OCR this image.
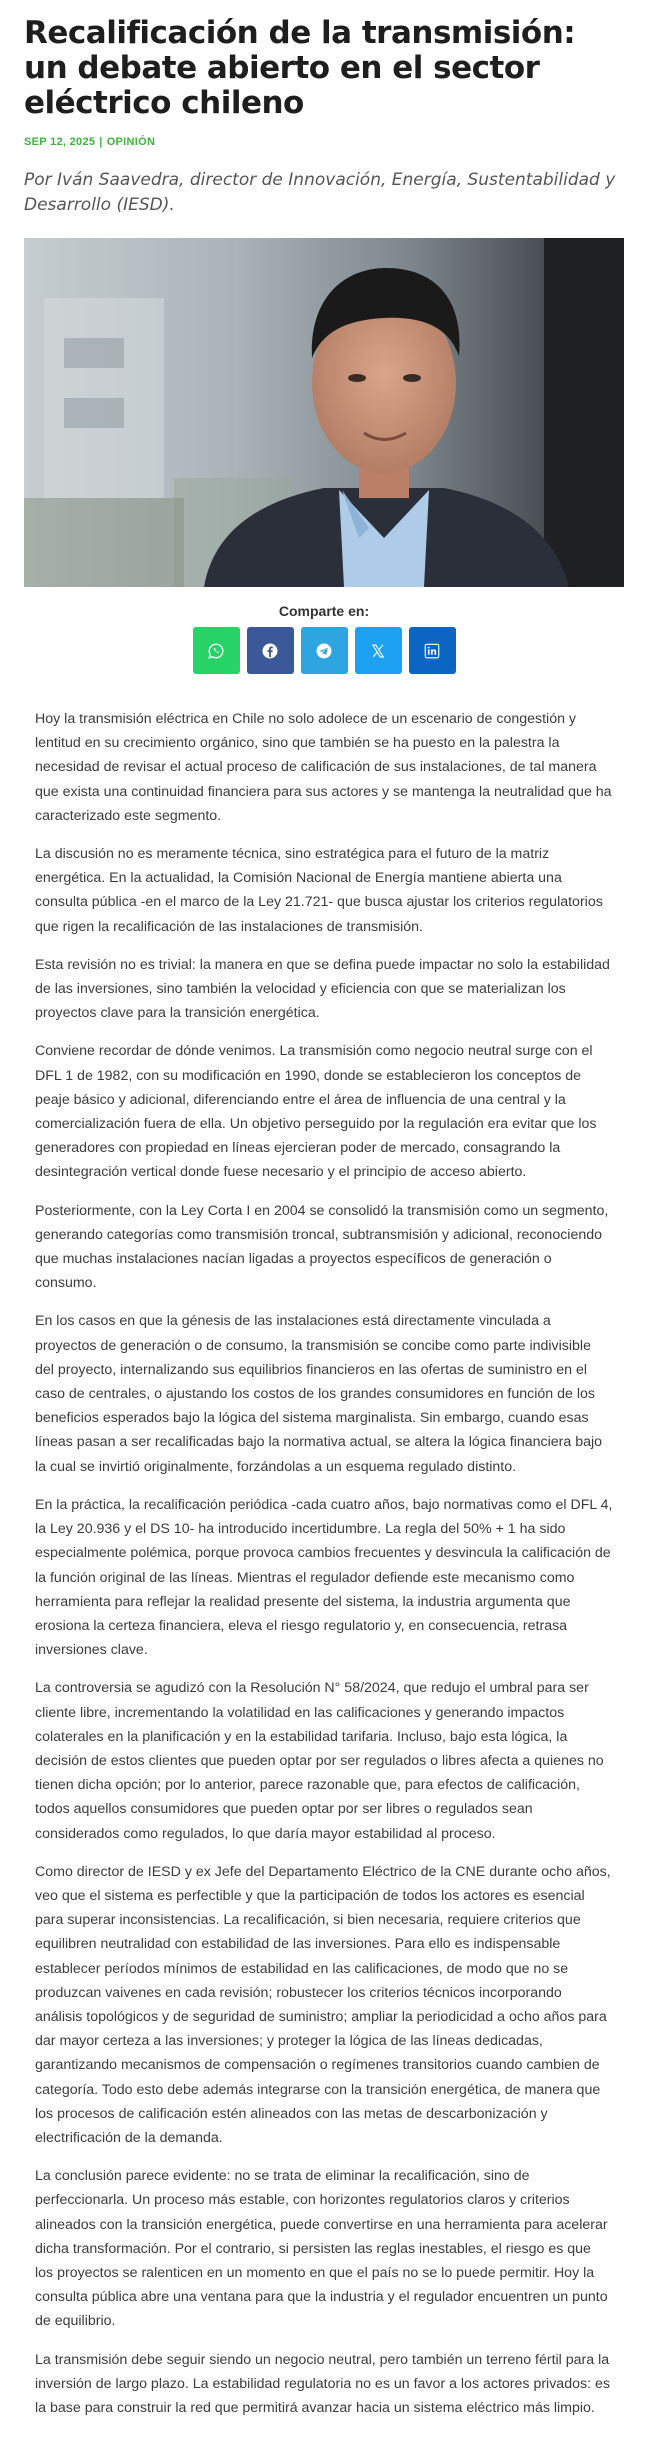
Recalificación de la transmisión: un debate abierto en el sector eléctrico chileno
SEP 12, 2025 | OPINIÓN

Por Iván Saavedra, director de Innovación, Energía, Sustentabilidad y Desarrollo (IESD).

Comparte en:

Hoy la transmisión eléctrica en Chile no solo adolece de un escenario de congestión y lentitud en su crecimiento orgánico, sino que también se ha puesto en la palestra la necesidad de revisar el actual proceso de calificación de sus instalaciones, de tal manera que exista una continuidad financiera para sus actores y se mantenga la neutralidad que ha caracterizado este segmento.

La discusión no es meramente técnica, sino estratégica para el futuro de la matriz energética. En la actualidad, la Comisión Nacional de Energía mantiene abierta una consulta pública -en el marco de la Ley 21.721- que busca ajustar los criterios regulatorios que rigen la recalificación de las instalaciones de transmisión.

Esta revisión no es trivial: la manera en que se defina puede impactar no solo la estabilidad de las inversiones, sino también la velocidad y eficiencia con que se materializan los proyectos clave para la transición energética.

Conviene recordar de dónde venimos. La transmisión como negocio neutral surge con el DFL 1 de 1982, con su modificación en 1990, donde se establecieron los conceptos de peaje básico y adicional, diferenciando entre el área de influencia de una central y la comercialización fuera de ella. Un objetivo perseguido por la regulación era evitar que los generadores con propiedad en líneas ejercieran poder de mercado, consagrando la desintegración vertical donde fuese necesario y el principio de acceso abierto.

Posteriormente, con la Ley Corta I en 2004 se consolidó la transmisión como un segmento, generando categorías como transmisión troncal, subtransmisión y adicional, reconociendo que muchas instalaciones nacían ligadas a proyectos específicos de generación o consumo.

En los casos en que la génesis de las instalaciones está directamente vinculada a proyectos de generación o de consumo, la transmisión se concibe como parte indivisible del proyecto, internalizando sus equilibrios financieros en las ofertas de suministro en el caso de centrales, o ajustando los costos de los grandes consumidores en función de los beneficios esperados bajo la lógica del sistema marginalista. Sin embargo, cuando esas líneas pasan a ser recalificadas bajo la normativa actual, se altera la lógica financiera bajo la cual se invirtió originalmente, forzándolas a un esquema regulado distinto.

En la práctica, la recalificación periódica -cada cuatro años, bajo normativas como el DFL 4, la Ley 20.936 y el DS 10- ha introducido incertidumbre. La regla del 50% + 1 ha sido especialmente polémica, porque provoca cambios frecuentes y desvincula la calificación de la función original de las líneas. Mientras el regulador defiende este mecanismo como herramienta para reflejar la realidad presente del sistema, la industria argumenta que erosiona la certeza financiera, eleva el riesgo regulatorio y, en consecuencia, retrasa inversiones clave.

La controversia se agudizó con la Resolución N° 58/2024, que redujo el umbral para ser cliente libre, incrementando la volatilidad en las calificaciones y generando impactos colaterales en la planificación y en la estabilidad tarifaria. Incluso, bajo esta lógica, la decisión de estos clientes que pueden optar por ser regulados o libres afecta a quienes no tienen dicha opción; por lo anterior, parece razonable que, para efectos de calificación, todos aquellos consumidores que pueden optar por ser libres o regulados sean considerados como regulados, lo que daría mayor estabilidad al proceso.

Como director de IESD y ex Jefe del Departamento Eléctrico de la CNE durante ocho años, veo que el sistema es perfectible y que la participación de todos los actores es esencial para superar inconsistencias. La recalificación, si bien necesaria, requiere criterios que equilibren neutralidad con estabilidad de las inversiones. Para ello es indispensable establecer períodos mínimos de estabilidad en las calificaciones, de modo que no se produzcan vaivenes en cada revisión; robustecer los criterios técnicos incorporando análisis topológicos y de seguridad de suministro; ampliar la periodicidad a ocho años para dar mayor certeza a las inversiones; y proteger la lógica de las líneas dedicadas, garantizando mecanismos de compensación o regímenes transitorios cuando cambien de categoría. Todo esto debe además integrarse con la transición energética, de manera que los procesos de calificación estén alineados con las metas de descarbonización y electrificación de la demanda.

La conclusión parece evidente: no se trata de eliminar la recalificación, sino de perfeccionarla. Un proceso más estable, con horizontes regulatorios claros y criterios alineados con la transición energética, puede convertirse en una herramienta para acelerar dicha transformación. Por el contrario, si persisten las reglas inestables, el riesgo es que los proyectos se ralenticen en un momento en que el país no se lo puede permitir. Hoy la consulta pública abre una ventana para que la industria y el regulador encuentren un punto de equilibrio.

La transmisión debe seguir siendo un negocio neutral, pero también un terreno fértil para la inversión de largo plazo. La estabilidad regulatoria no es un favor a los actores privados: es la base para construir la red que permitirá avanzar hacia un sistema eléctrico más limpio.
